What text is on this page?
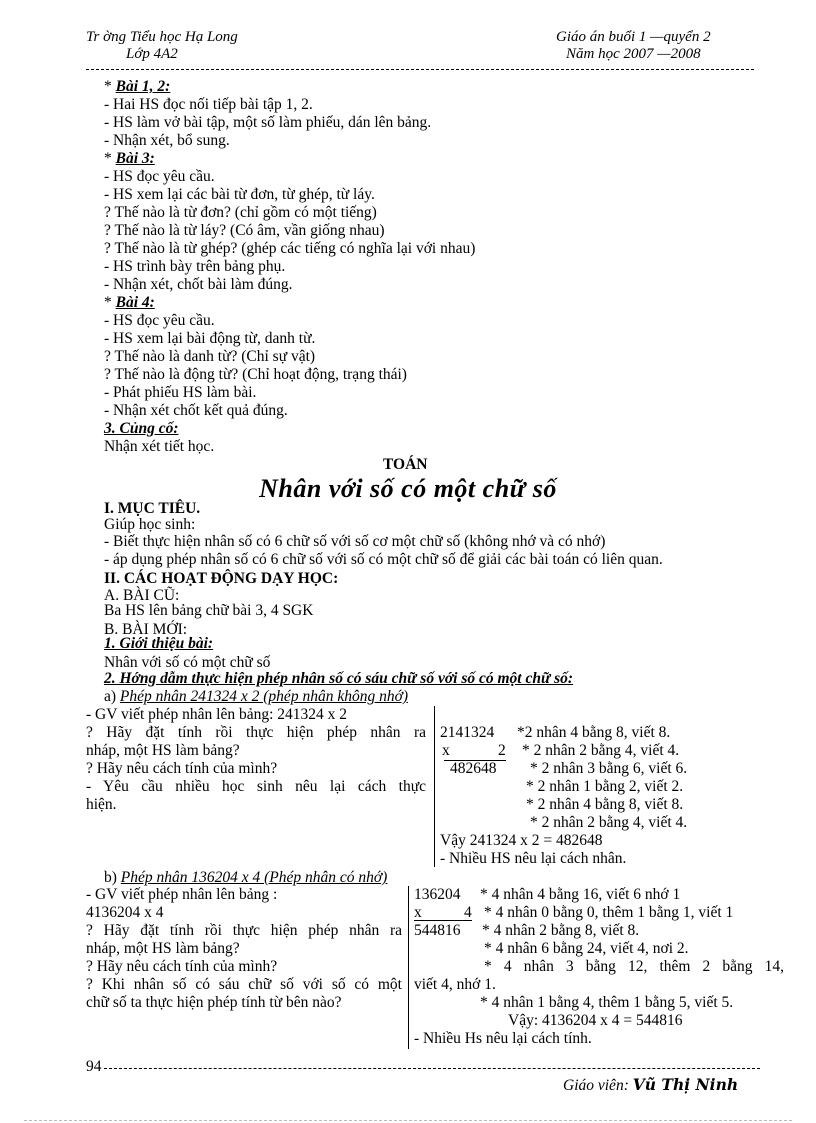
Tr ờng Tiểu học Hạ Long
Lớp 4A2
Giáo án buổi 1 —quyển 2
Năm học 2007 —2008
* Bài 1, 2:
- Hai HS đọc nối tiếp bài tập 1, 2.
- HS làm vở bài tập, một số làm phiếu, dán lên bảng.
- Nhận xét, bổ sung.
* Bài 3:
- HS đọc yêu cầu.
- HS xem lại các bài từ đơn, từ ghép, từ láy.
? Thế nào là từ đơn? (chỉ gồm có một tiếng)
? Thế nào là từ láy? (Có âm, vần giống nhau)
? Thế nào là từ ghép? (ghép các tiếng có nghĩa lại với nhau)
- HS trình bày trên bảng phụ.
- Nhận xét, chốt bài làm đúng.
* Bài 4:
- HS đọc yêu cầu.
- HS xem lại bài động từ, danh từ.
? Thế nào là danh từ? (Chỉ sự vật)
? Thế nào là động từ? (Chỉ hoạt động, trạng thái)
- Phát phiếu HS làm bài.
- Nhận xét chốt kết quả đúng.
3. Củng cố:
Nhận xét tiết học.
TOÁN
Nhân với số có một chữ số
I. MỤC TIÊU.
Giúp học sinh:
- Biết thực hiện nhân số có 6 chữ số với số cơ một chữ số (không nhớ và có nhớ)
- áp dụng phép nhân số có 6 chữ số với số có một chữ số để giải các bài toán có liên quan.
II. CÁC HOẠT ĐỘNG DẠY HỌC:
A. BÀI CŨ:
Ba HS lên bảng chữ bài 3, 4 SGK
B. BÀI MỚI:
1. Giới thiệu bài:
Nhân với số có một chữ số
2. Hớng dẫm thực hiện phép nhân số có sáu chữ số với số có một chữ số:
a) Phép nhân 241324 x 2 (phép nhân không nhớ)
- GV viết phép nhân lên bảng: 241324 x 2
? Hãy đặt tính rồi thực hiện phép nhân ra
nháp, một HS làm bảng?
? Hãy nêu cách tính của mình?
- Yêu cầu nhiều học sinh nêu lại cách thực
hiện.
2141324
x	2
482648
*2 nhân 4 bằng 8, viết 8.
* 2 nhân 2 bằng 4, viết 4.
* 2 nhân 3 bằng 6, viết 6.
* 2 nhân 1 bằng 2, viết 2.
* 2 nhân 4 bằng 8, viết 8.
* 2 nhân 2 bằng 4, viết 4.
Vậy 241324 x 2 = 482648
- Nhiều HS nêu lại cách nhân.
b) Phép nhân 136204 x 4 (Phép nhân có nhớ)
- GV viết phép nhân lên bảng :
4136204 x 4
? Hãy đặt tính rồi thực hiện phép nhân ra
nháp, một HS làm bảng?
? Hãy nêu cách tính của mình?
? Khi nhân số có sáu chữ số với số có một
chữ số ta thực hiện phép tính từ bên nào?
136204
x	4
544816
* 4 nhân 4 bằng 16, viết 6 nhớ 1
* 4 nhân 0 bằng 0, thêm 1 bằng 1, viết 1
* 4 nhân 2 bằng 8, viết 8.
* 4 nhân 6 bằng 24, viết 4, nơi 2.
* 4 nhân 3 bằng 12, thêm 2 bằng 14,
viết 4, nhớ 1.
* 4 nhân 1 bằng 4, thêm 1 bằng 5, viết 5.
Vậy: 4136204 x 4 = 544816
- Nhiều Hs nêu lại cách tính.
94
Giáo viên: Vũ Thị Ninh
